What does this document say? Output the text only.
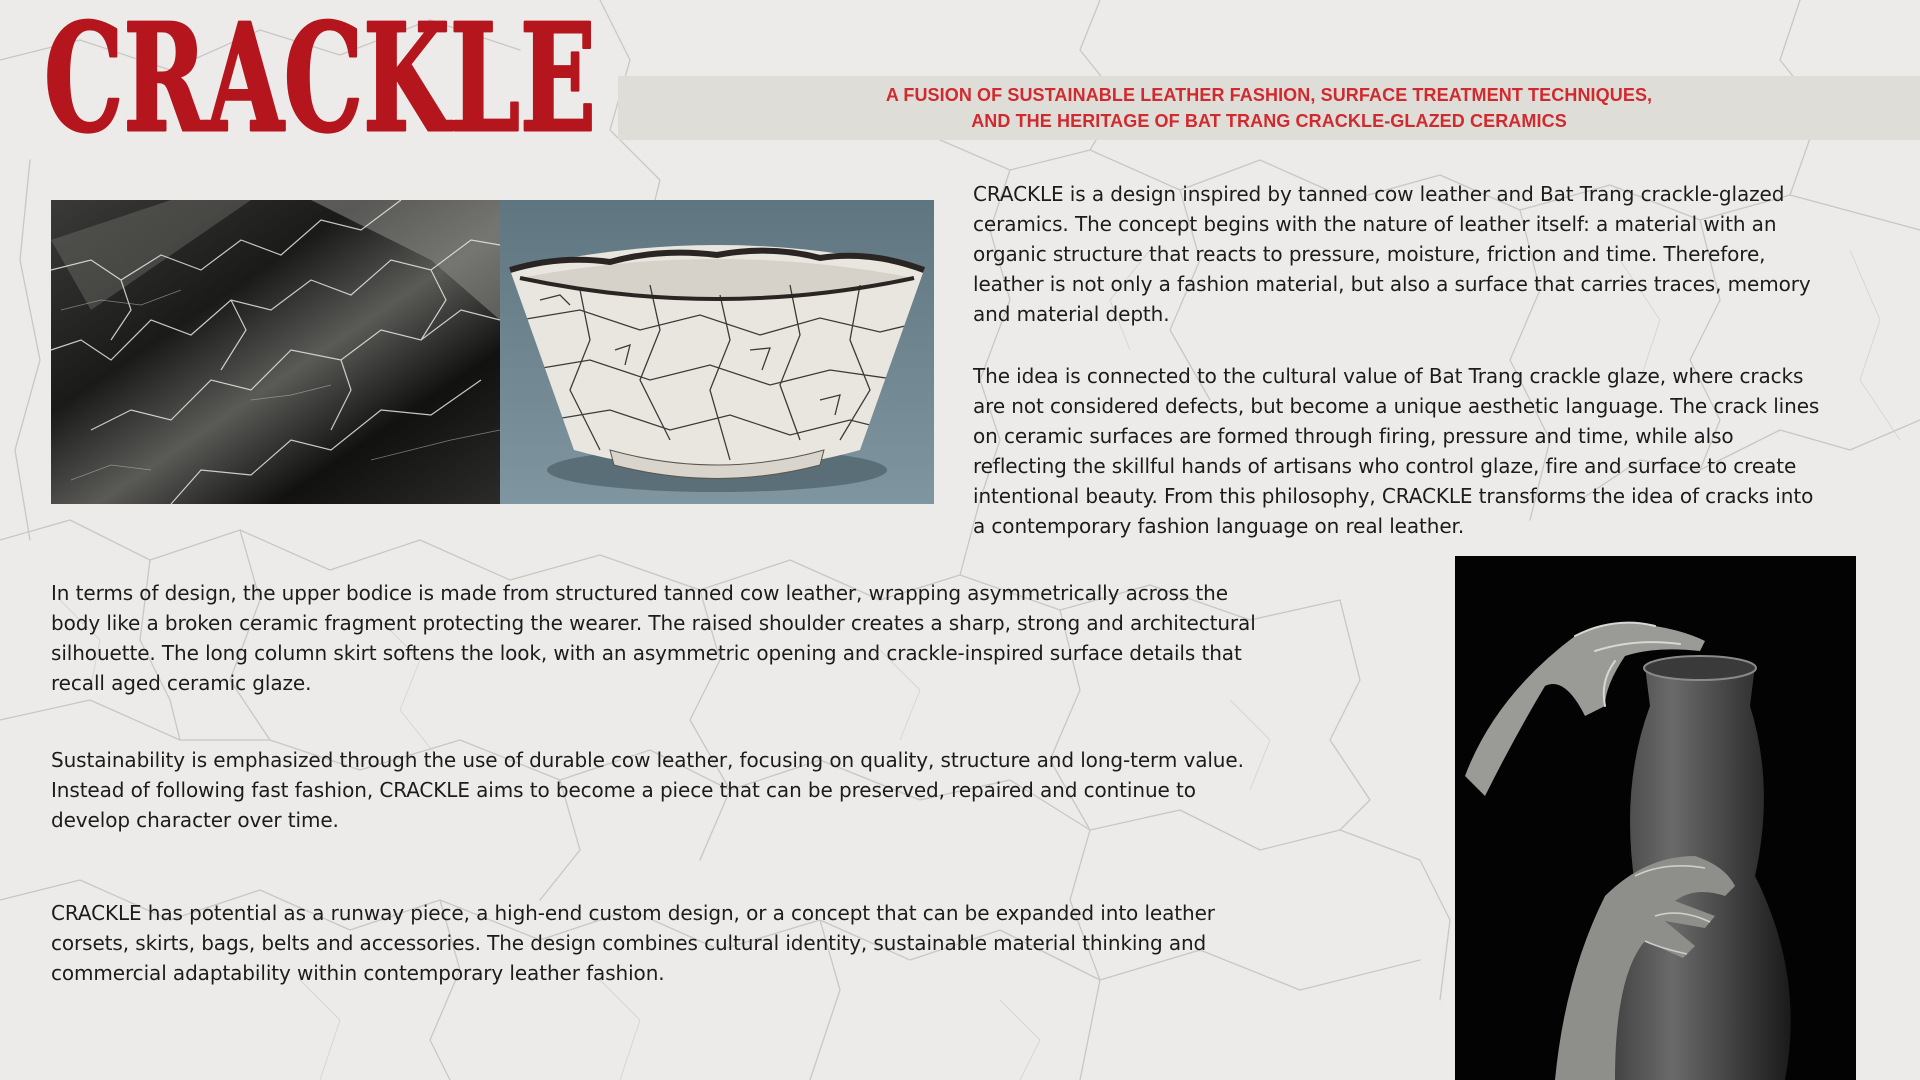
CRACKLE	A FUSION OF SUSTAINABLE LEATHER FASHION, SURFACE TREATMENT TECHNIQUES,
AND THE HERITAGE OF BAT TRANG CRACKLE-GLAZED CERAMICS

CRACKLE is a design inspired by tanned cow leather and Bat Trang crackle-glazed
ceramics. The concept begins with the nature of leather itself: a material with an
organic structure that reacts to pressure, moisture, friction and time. Therefore,
leather is not only a fashion material, but also a surface that carries traces, memory
and material depth.

The idea is connected to the cultural value of Bat Trang crackle glaze, where cracks
are not considered defects, but become a unique aesthetic language. The crack lines
on ceramic surfaces are formed through firing, pressure and time, while also
reflecting the skillful hands of artisans who control glaze, fire and surface to create
intentional beauty. From this philosophy, CRACKLE transforms the idea of cracks into
a contemporary fashion language on real leather.

In terms of design, the upper bodice is made from structured tanned cow leather, wrapping asymmetrically across the
body like a broken ceramic fragment protecting the wearer. The raised shoulder creates a sharp, strong and architectural
silhouette. The long column skirt softens the look, with an asymmetric opening and crackle-inspired surface details that
recall aged ceramic glaze.

Sustainability is emphasized through the use of durable cow leather, focusing on quality, structure and long-term value.
Instead of following fast fashion, CRACKLE aims to become a piece that can be preserved, repaired and continue to
develop character over time.

CRACKLE has potential as a runway piece, a high-end custom design, or a concept that can be expanded into leather
corsets, skirts, bags, belts and accessories. The design combines cultural identity, sustainable material thinking and
commercial adaptability within contemporary leather fashion.
